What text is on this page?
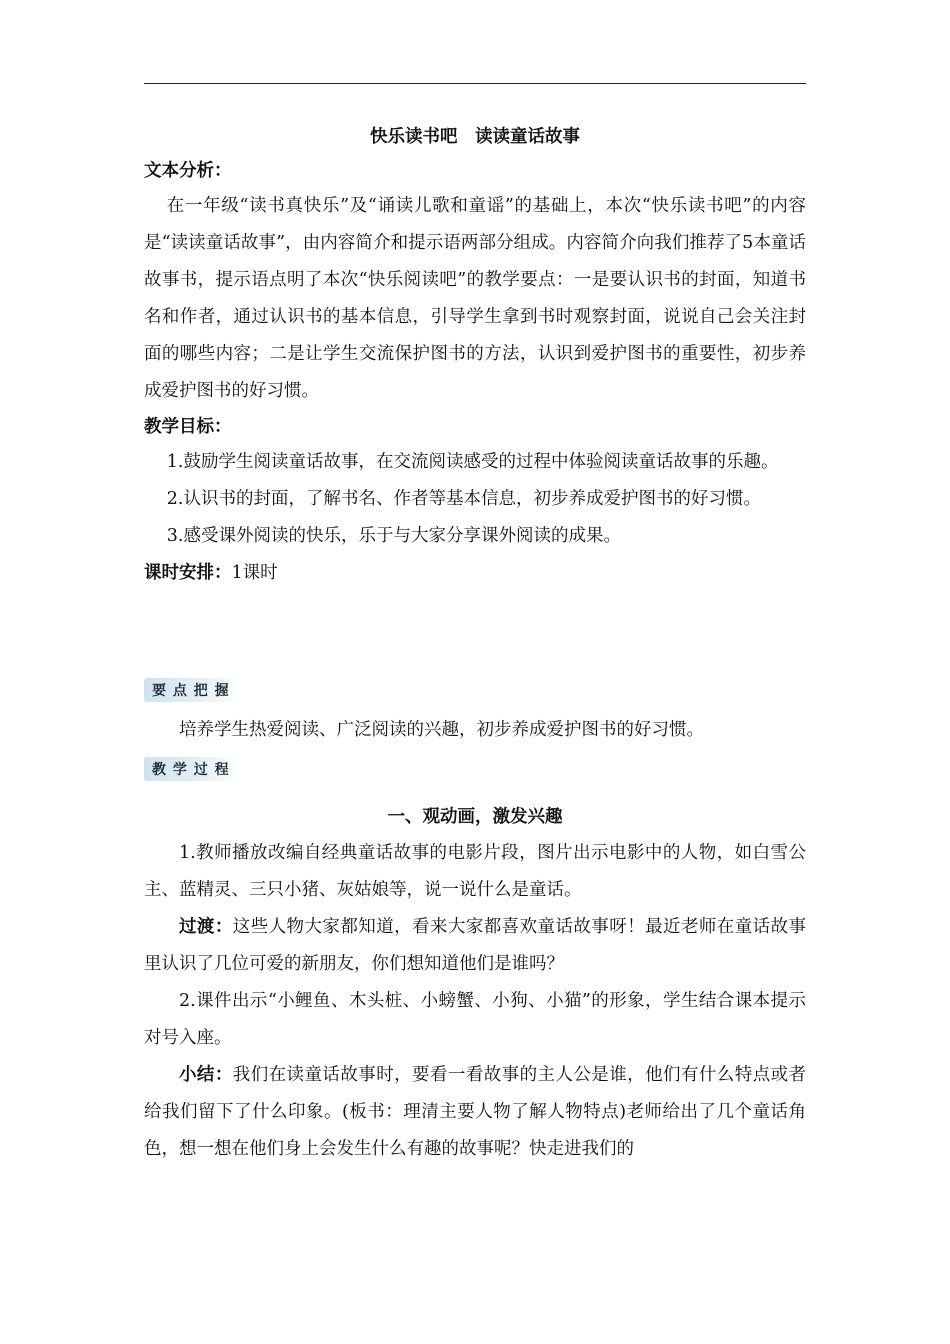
快乐读书吧　读读童话故事

文本分析：

在一年级“读书真快乐”及“诵读儿歌和童谣”的基础上，本次“快乐读书吧”的内容是“读读童话故事”，由内容简介和提示语两部分组成。内容简介向我们推荐了5本童话故事书，提示语点明了本次“快乐阅读吧”的教学要点：一是要认识书的封面，知道书名和作者，通过认识书的基本信息，引导学生拿到书时观察封面，说说自己会关注封面的哪些内容；二是让学生交流保护图书的方法，认识到爱护图书的重要性，初步养成爱护图书的好习惯。

教学目标：

1.鼓励学生阅读童话故事，在交流阅读感受的过程中体验阅读童话故事的乐趣。

2.认识书的封面，了解书名、作者等基本信息，初步养成爱护图书的好习惯。

3.感受课外阅读的快乐，乐于与大家分享课外阅读的成果。

课时安排：1课时

要 点 把 握

培养学生热爱阅读、广泛阅读的兴趣，初步养成爱护图书的好习惯。

教 学 过 程

一、观动画，激发兴趣

1.教师播放改编自经典童话故事的电影片段，图片出示电影中的人物，如白雪公主、蓝精灵、三只小猪、灰姑娘等，说一说什么是童话。

过渡：这些人物大家都知道，看来大家都喜欢童话故事呀！最近老师在童话故事里认识了几位可爱的新朋友，你们想知道他们是谁吗？

2.课件出示“小鲤鱼、木头桩、小螃蟹、小狗、小猫”的形象，学生结合课本提示对号入座。

小结：我们在读童话故事时，要看一看故事的主人公是谁，他们有什么特点或者给我们留下了什么印象。(板书：理清主要人物了解人物特点)老师给出了几个童话角色，想一想在他们身上会发生什么有趣的故事呢？快走进我们的
